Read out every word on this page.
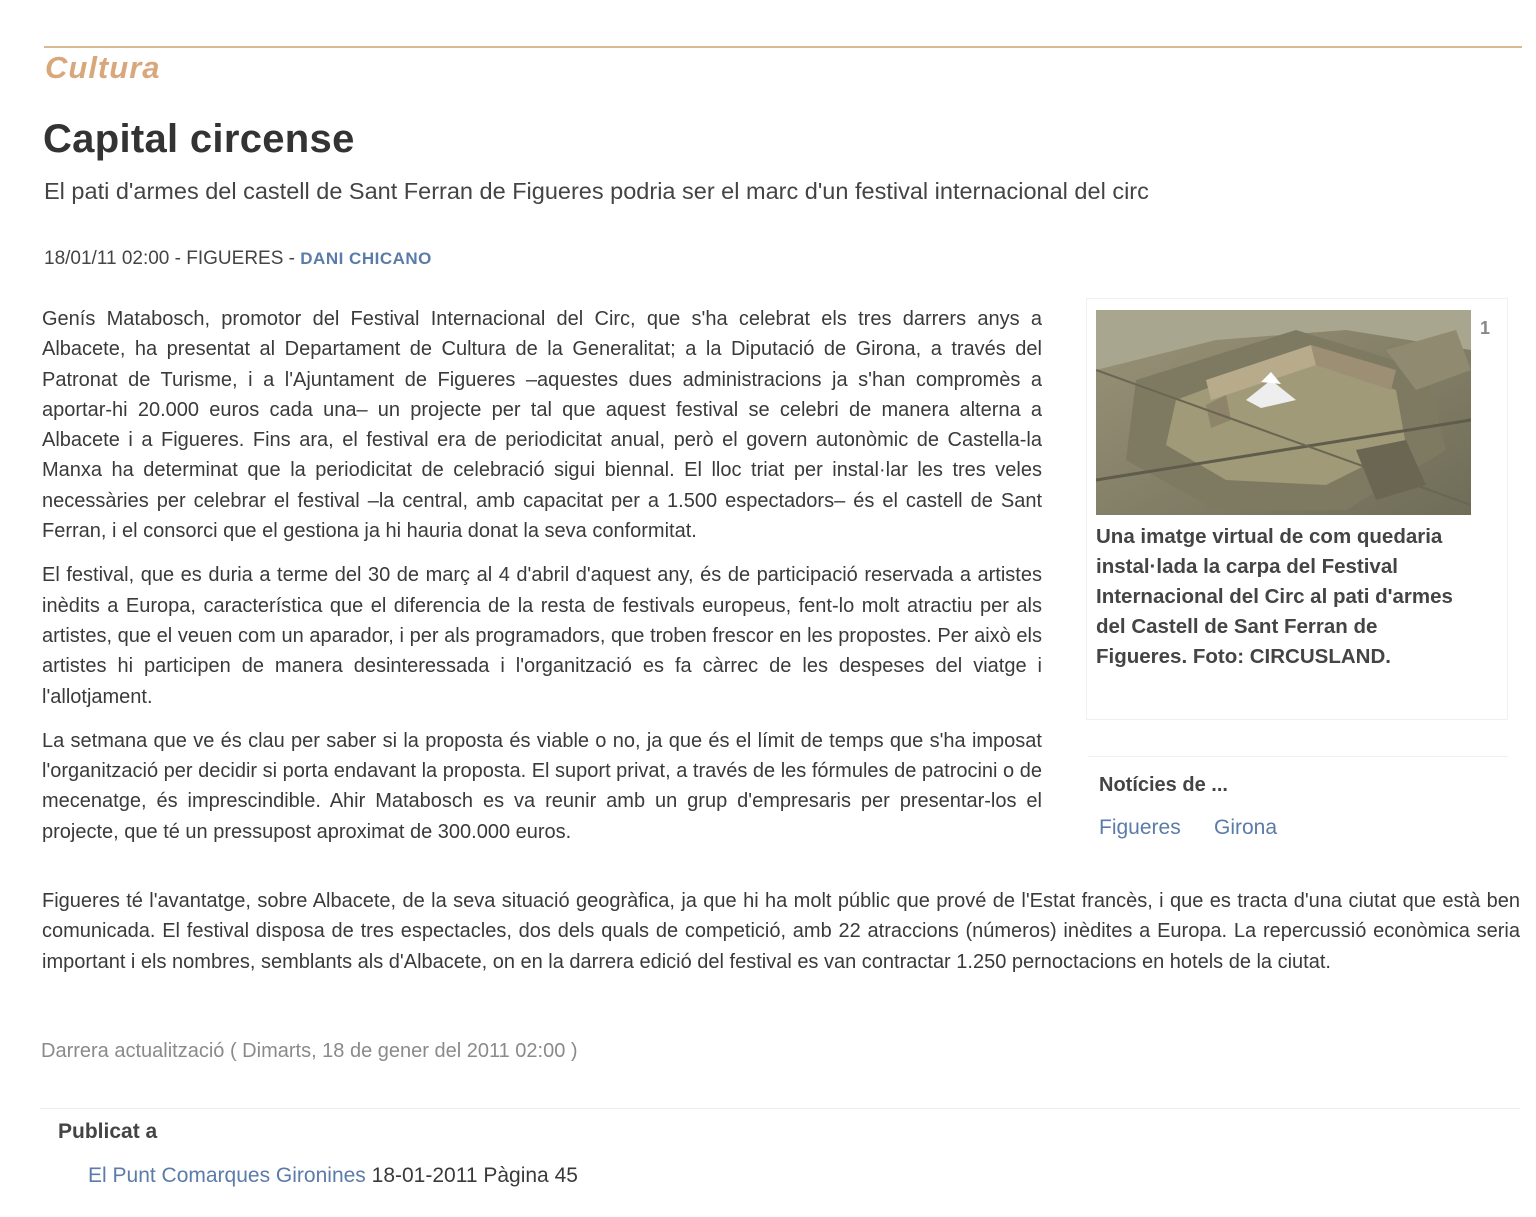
Cultura
Capital circense
El pati d'armes del castell de Sant Ferran de Figueres podria ser el marc d'un festival internacional del circ
18/01/11 02:00 - FIGUERES - DANI CHICANO

Genís Matabosch, promotor del Festival Internacional del Circ, que s'ha celebrat els tres darrers anys a Albacete, ha presentat al Departament de Cultura de la Generalitat; a la Diputació de Girona, a través del Patronat de Turisme, i a l'Ajuntament de Figueres –aquestes dues administracions ja s'han compromès a aportar-hi 20.000 euros cada una– un projecte per tal que aquest festival se celebri de manera alterna a Albacete i a Figueres. Fins ara, el festival era de periodicitat anual, però el govern autonòmic de Castella-la Manxa ha determinat que la periodicitat de celebració sigui biennal. El lloc triat per instal·lar les tres veles necessàries per celebrar el festival –la central, amb capacitat per a 1.500 espectadors– és el castell de Sant Ferran, i el consorci que el gestiona ja hi hauria donat la seva conformitat.

El festival, que es duria a terme del 30 de març al 4 d'abril d'aquest any, és de participació reservada a artistes inèdits a Europa, característica que el diferencia de la resta de festivals europeus, fent-lo molt atractiu per als artistes, que el veuen com un aparador, i per als programadors, que troben frescor en les propostes. Per això els artistes hi participen de manera desinteressada i l'organització es fa càrrec de les despeses del viatge i l'allotjament.

La setmana que ve és clau per saber si la proposta és viable o no, ja que és el límit de temps que s'ha imposat l'organització per decidir si porta endavant la proposta. El suport privat, a través de les fórmules de patrocini o de mecenatge, és imprescindible. Ahir Matabosch es va reunir amb un grup d'empresaris per presentar-los el projecte, que té un pressupost aproximat de 300.000 euros.

Figueres té l'avantatge, sobre Albacete, de la seva situació geogràfica, ja que hi ha molt públic que prové de l'Estat francès, i que es tracta d'una ciutat que està ben comunicada. El festival disposa de tres espectacles, dos dels quals de competició, amb 22 atraccions (números) inèdites a Europa. La repercussió econòmica seria important i els nombres, semblants als d'Albacete, on en la darrera edició del festival es van contractar 1.250 pernoctacions en hotels de la ciutat.

1
Una imatge virtual de com quedaria instal·lada la carpa del Festival Internacional del Circ al pati d'armes del Castell de Sant Ferran de Figueres. Foto: CIRCUSLAND.
Notícies de ...
Figueres Girona
Darrera actualització ( Dimarts, 18 de gener del 2011 02:00 )
Publicat a
El Punt Comarques Gironines 18-01-2011 Pàgina 45
